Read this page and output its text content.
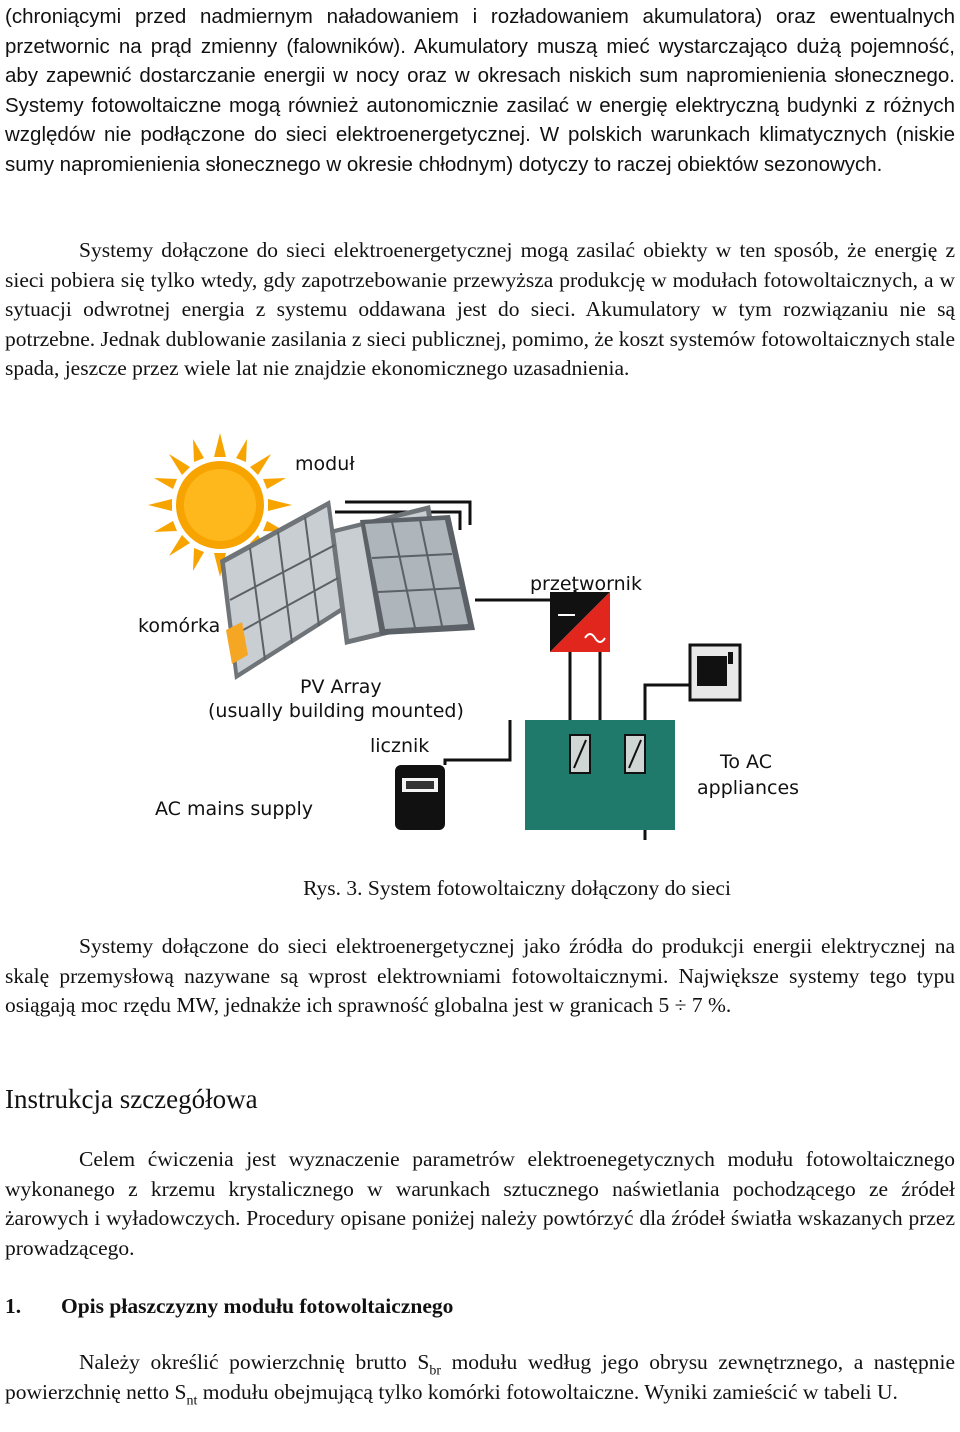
(chroniącymi przed nadmiernym naładowaniem i rozładowaniem akumulatora) oraz ewentualnych przetwornic na prąd zmienny (falowników). Akumulatory muszą mieć wystarczająco dużą pojemność, aby zapewnić dostarczanie energii w nocy oraz w okresach niskich sum napromienienia słonecznego. Systemy fotowoltaiczne mogą również autonomicznie zasilać w energię elektryczną budynki z różnych względów nie podłączone do sieci elektroenergetycznej. W polskich warunkach klimatycznych (niskie sumy napromienienia słonecznego w okresie chłodnym) dotyczy to raczej obiektów sezonowych.

Systemy dołączone do sieci elektroenergetycznej mogą zasilać obiekty w ten sposób, że energię z sieci pobiera się tylko wtedy, gdy zapotrzebowanie przewyższa produkcję w modułach fotowoltaicznych, a w sytuacji odwrotnej energia z systemu oddawana jest do sieci. Akumulatory w tym rozwiązaniu nie są potrzebne. Jednak dublowanie zasilania z sieci publicznej, pomimo, że koszt systemów fotowoltaicznych stale spada, jeszcze przez wiele lat nie znajdzie ekonomicznego uzasadnienia.

moduł
komórka
przetwornik
PV Array
(usually building mounted)
licznik
AC mains supply
To AC
appliances

Rys. 3. System fotowoltaiczny dołączony do sieci

Systemy dołączone do sieci elektroenergetycznej jako źródła do produkcji energii elektrycznej na skalę przemysłową nazywane są wprost elektrowniami fotowoltaicznymi. Największe systemy tego typu osiągają moc rzędu MW, jednakże ich sprawność globalna jest w granicach 5 ÷ 7 %.

Instrukcja szczegółowa

Celem ćwiczenia jest wyznaczenie parametrów elektroenegetycznych modułu fotowoltaicznego wykonanego z krzemu krystalicznego w warunkach sztucznego naświetlania pochodzącego ze źródeł żarowych i wyładowczych. Procedury opisane poniżej należy powtórzyć dla źródeł światła wskazanych przez prowadzącego.

1. Opis płaszczyzny modułu fotowoltaicznego

Należy określić powierzchnię brutto $S_{br}$ modułu według jego obrysu zewnętrznego, a następnie powierzchnię netto $S_{nt}$ modułu obejmującą tylko komórki fotowoltaiczne. Wyniki zamieścić w tabeli U.
